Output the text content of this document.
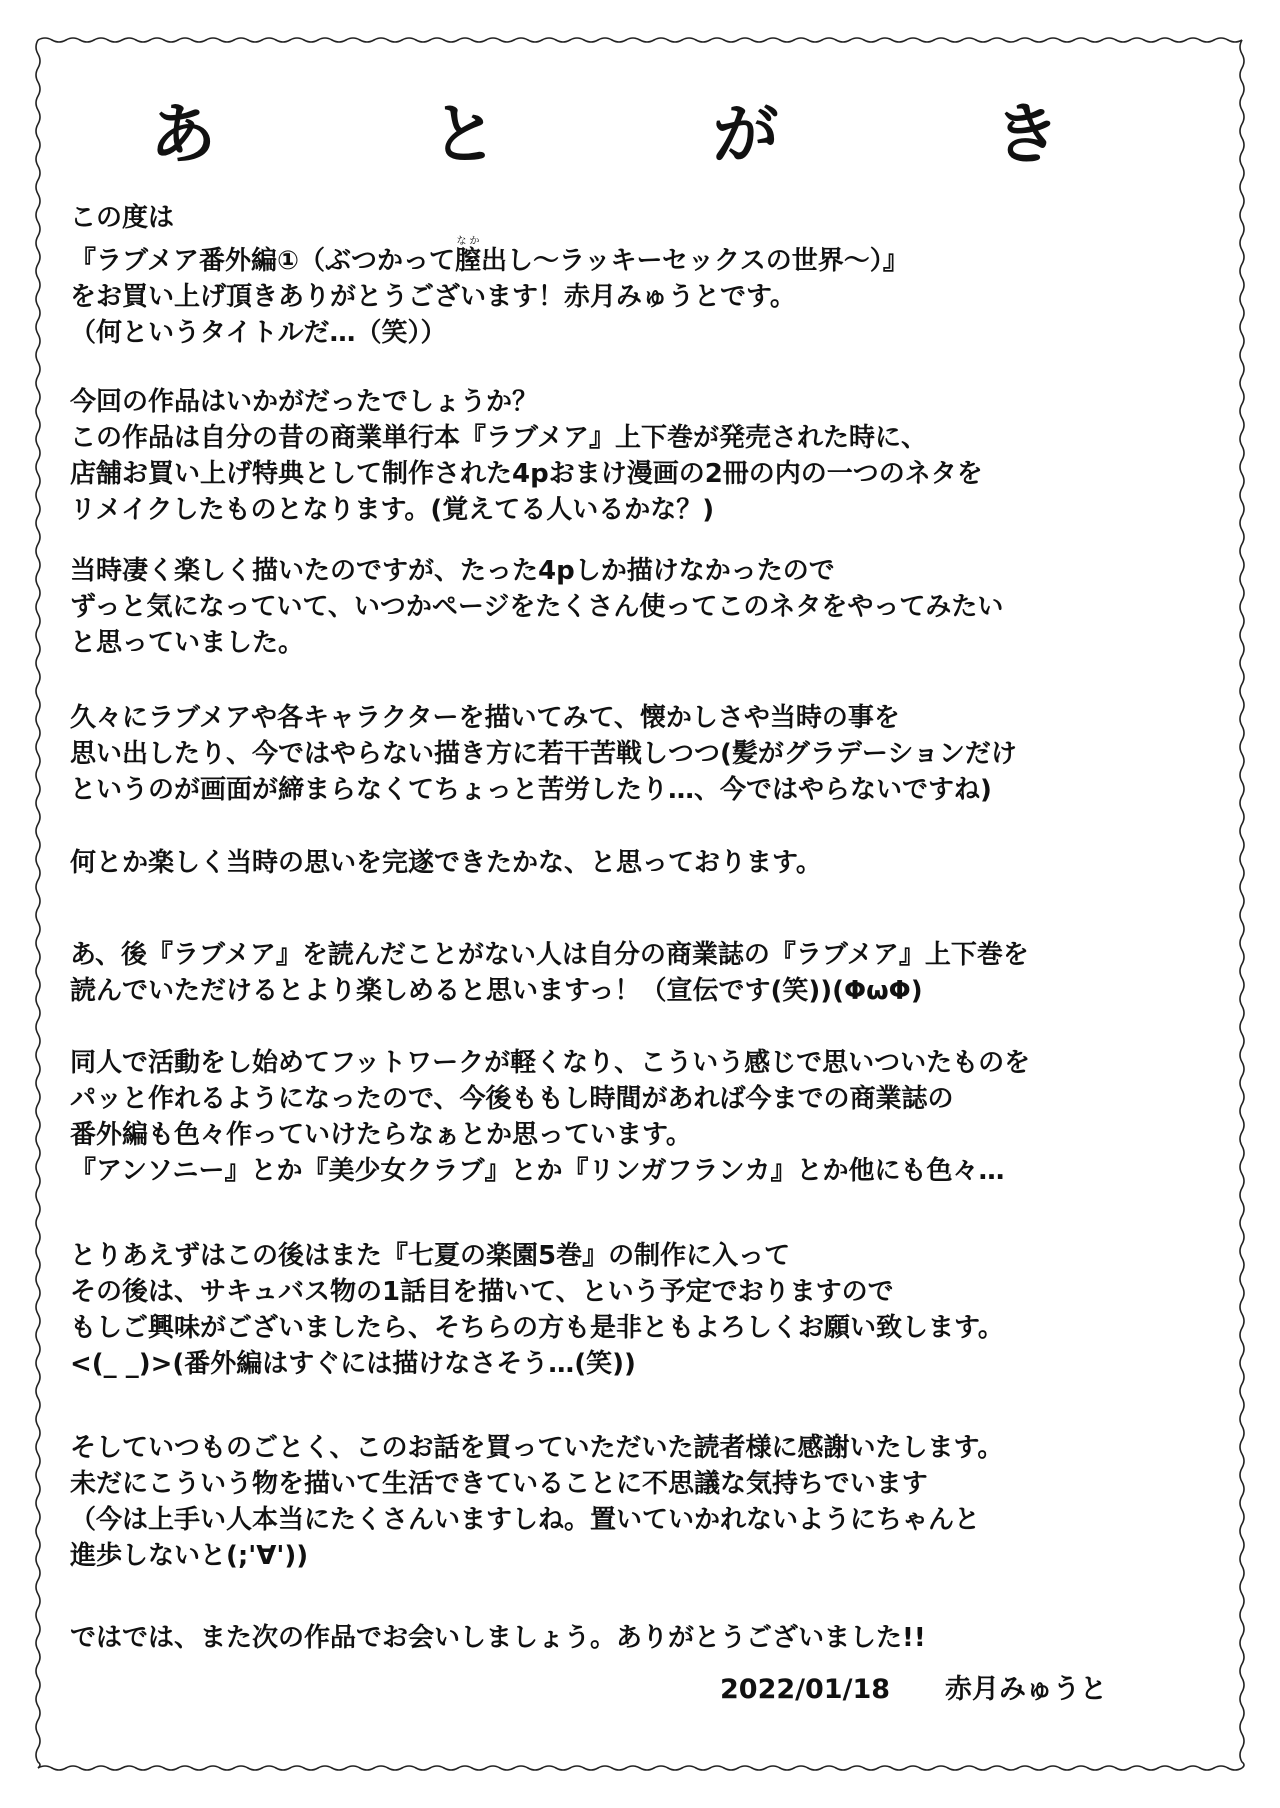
あ	と	が	き
この度は
『ラブメア番外編①（ぶつかって膣なか出し～ラッキーセックスの世界～）』
をお買い上げ頂きありがとうございます！赤月みゅうとです。
（何というタイトルだ…（笑））
今回の作品はいかがだったでしょうか？
この作品は自分の昔の商業単行本『ラブメア』上下巻が発売された時に、
店舗お買い上げ特典として制作された4pおまけ漫画の2冊の内の一つのネタを
リメイクしたものとなります。(覚えてる人いるかな？)
当時凄く楽しく描いたのですが、たった4pしか描けなかったので
ずっと気になっていて、いつかページをたくさん使ってこのネタをやってみたい
と思っていました。
久々にラブメアや各キャラクターを描いてみて、懐かしさや当時の事を
思い出したり、今ではやらない描き方に若干苦戦しつつ(髪がグラデーションだけ
というのが画面が締まらなくてちょっと苦労したり…、今ではやらないですね)
何とか楽しく当時の思いを完遂できたかな、と思っております。
あ、後『ラブメア』を読んだことがない人は自分の商業誌の『ラブメア』上下巻を
読んでいただけるとより楽しめると思いますっ！（宣伝です(笑))(ΦωΦ)
同人で活動をし始めてフットワークが軽くなり、こういう感じで思いついたものを
パッと作れるようになったので、今後ももし時間があれば今までの商業誌の
番外編も色々作っていけたらなぁとか思っています。
『アンソニー』とか『美少女クラブ』とか『リンガフランカ』とか他にも色々…
とりあえずはこの後はまた『七夏の楽園5巻』の制作に入って
その後は、サキュバス物の1話目を描いて、という予定でおりますので
もしご興味がございましたら、そちらの方も是非ともよろしくお願い致します。
<(_ _)>(番外編はすぐには描けなさそう…(笑))
そしていつものごとく、このお話を買っていただいた読者様に感謝いたします。
未だにこういう物を描いて生活できていることに不思議な気持ちでいます
（今は上手い人本当にたくさんいますしね。置いていかれないようにちゃんと
進歩しないと(;'∀'))
ではでは、また次の作品でお会いしましょう。ありがとうございました!!
2022/01/18 赤月みゅうと
